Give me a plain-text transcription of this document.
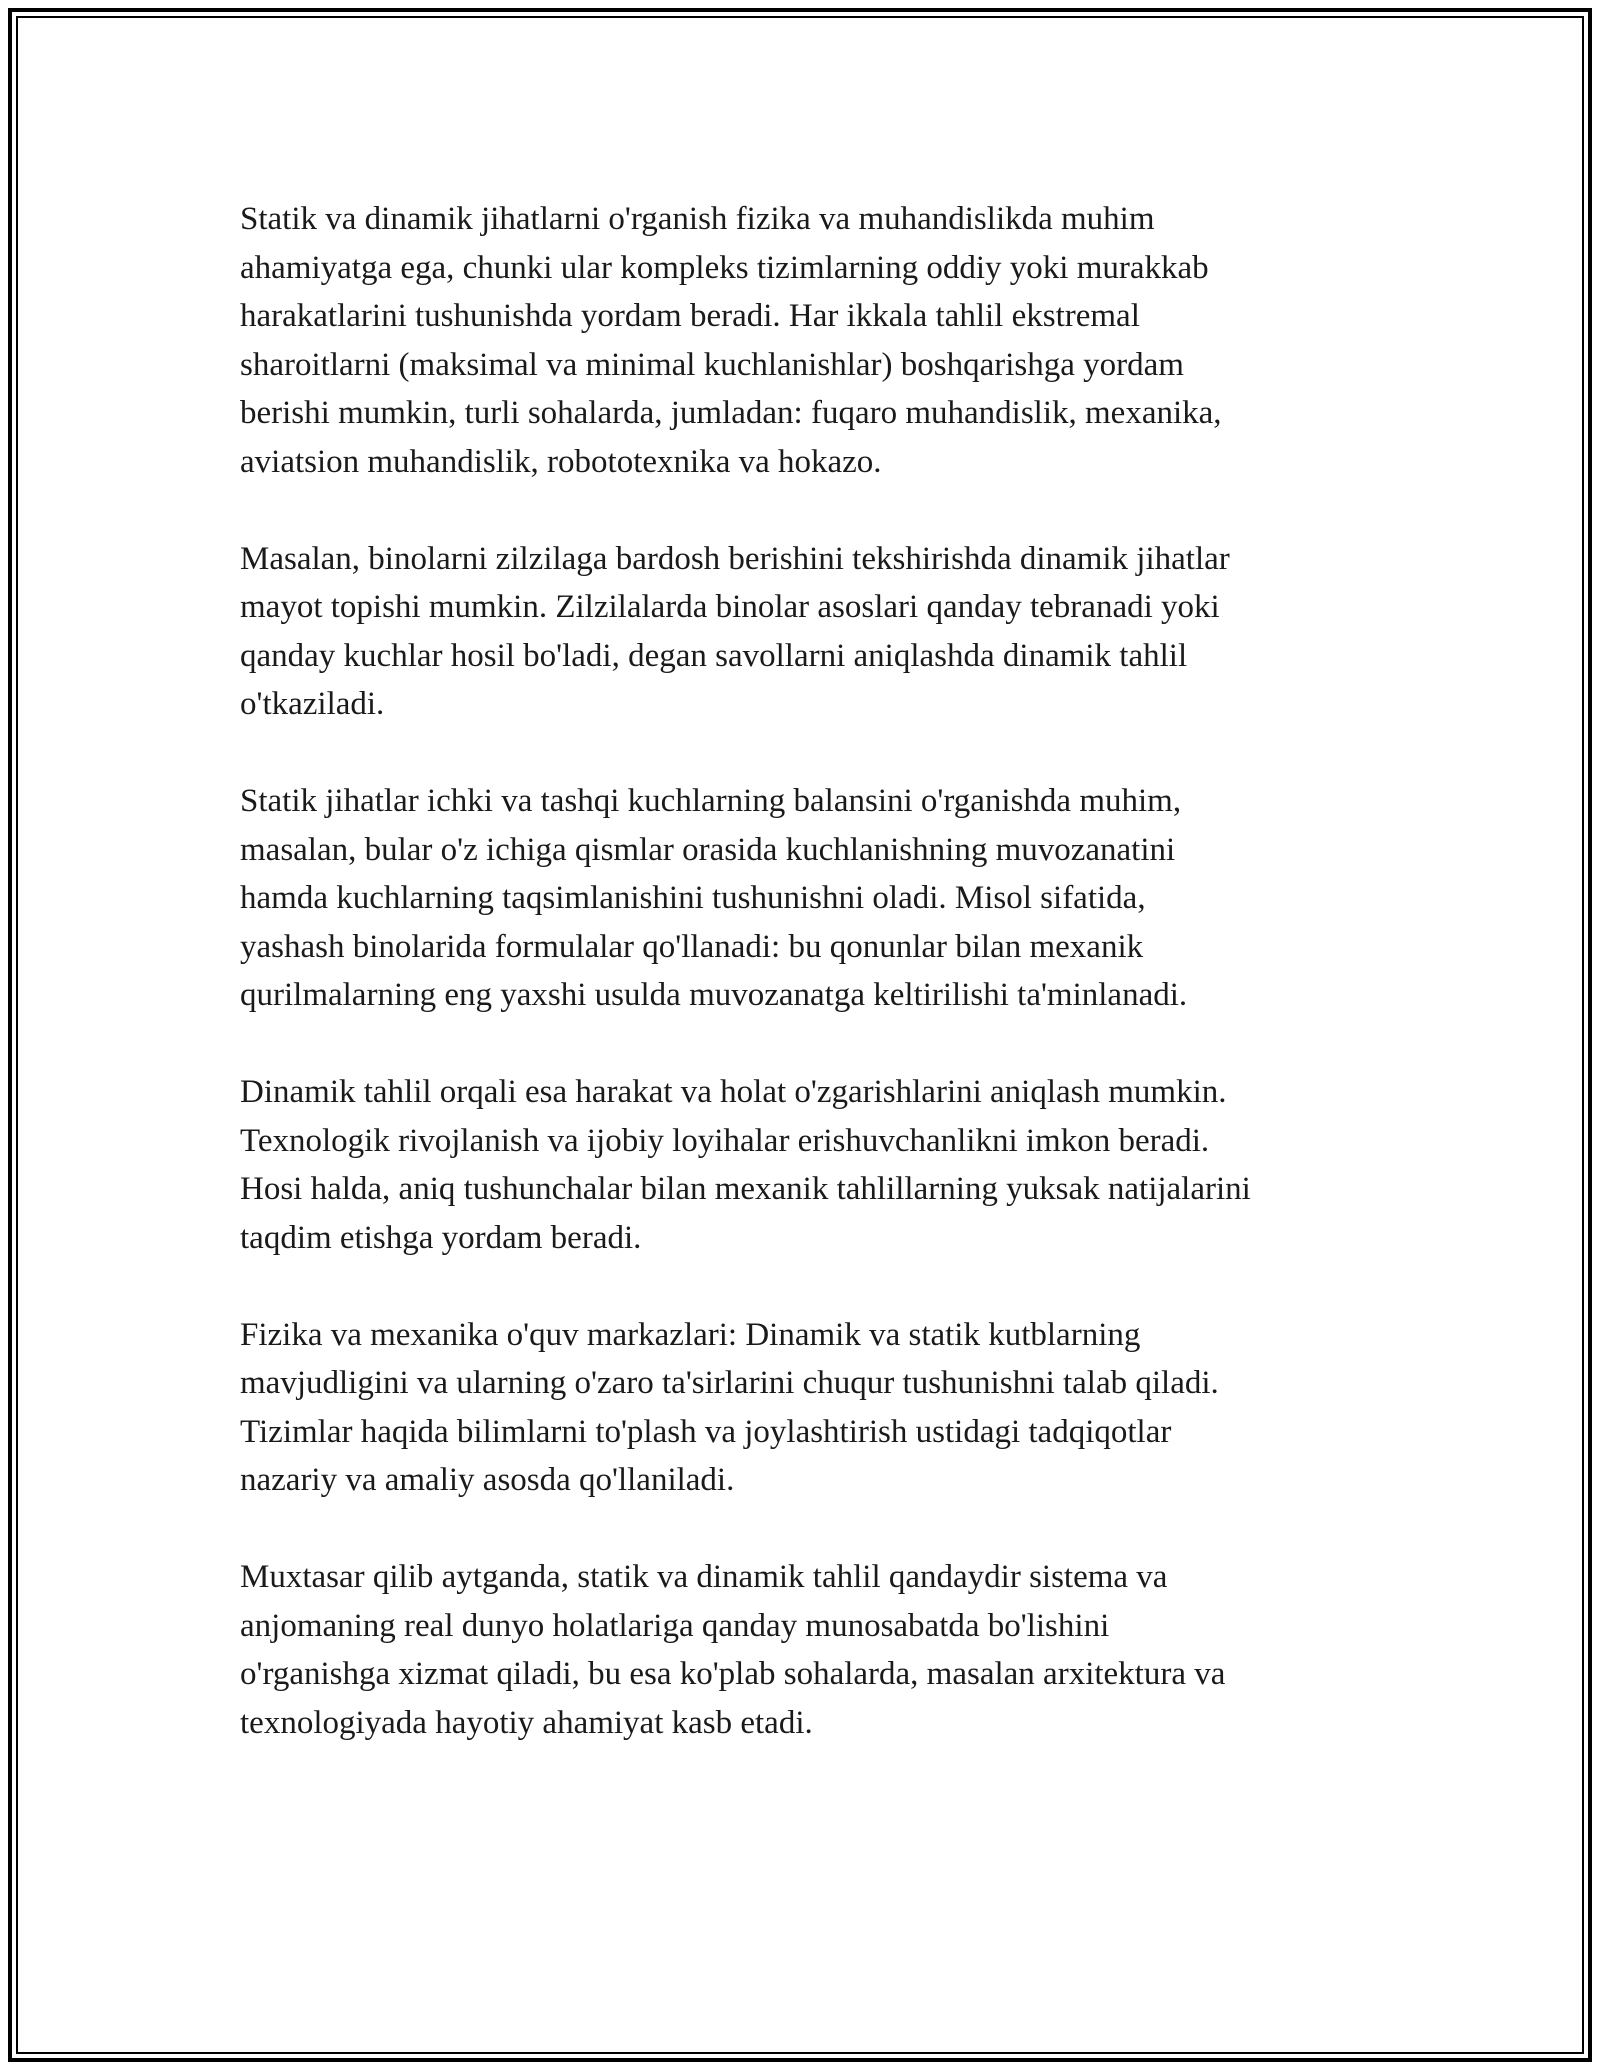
Statik va dinamik jihatlarni o'rganish fizika va muhandislikda muhim
ahamiyatga ega, chunki ular kompleks tizimlarning oddiy yoki murakkab
harakatlarini tushunishda yordam beradi. Har ikkala tahlil ekstremal
sharoitlarni (maksimal va minimal kuchlanishlar) boshqarishga yordam
berishi mumkin, turli sohalarda, jumladan: fuqaro muhandislik, mexanika,
aviatsion muhandislik, robototexnika va hokazo.

Masalan, binolarni zilzilaga bardosh berishini tekshirishda dinamik jihatlar
mayot topishi mumkin. Zilzilalarda binolar asoslari qanday tebranadi yoki
qanday kuchlar hosil bo'ladi, degan savollarni aniqlashda dinamik tahlil
o'tkaziladi.

Statik jihatlar ichki va tashqi kuchlarning balansini o'rganishda muhim,
masalan, bular o'z ichiga qismlar orasida kuchlanishning muvozanatini
hamda kuchlarning taqsimlanishini tushunishni oladi. Misol sifatida,
yashash binolarida formulalar qo'llanadi: bu qonunlar bilan mexanik
qurilmalarning eng yaxshi usulda muvozanatga keltirilishi ta'minlanadi.

Dinamik tahlil orqali esa harakat va holat o'zgarishlarini aniqlash mumkin.
Texnologik rivojlanish va ijobiy loyihalar erishuvchanlikni imkon beradi.
Hosi halda, aniq tushunchalar bilan mexanik tahlillarning yuksak natijalarini
taqdim etishga yordam beradi.

Fizika va mexanika o'quv markazlari: Dinamik va statik kutblarning
mavjudligini va ularning o'zaro ta'sirlarini chuqur tushunishni talab qiladi.
Tizimlar haqida bilimlarni to'plash va joylashtirish ustidagi tadqiqotlar
nazariy va amaliy asosda qo'llaniladi.

Muxtasar qilib aytganda, statik va dinamik tahlil qandaydir sistema va
anjomaning real dunyo holatlariga qanday munosabatda bo'lishini
o'rganishga xizmat qiladi, bu esa ko'plab sohalarda, masalan arxitektura va
texnologiyada hayotiy ahamiyat kasb etadi.
